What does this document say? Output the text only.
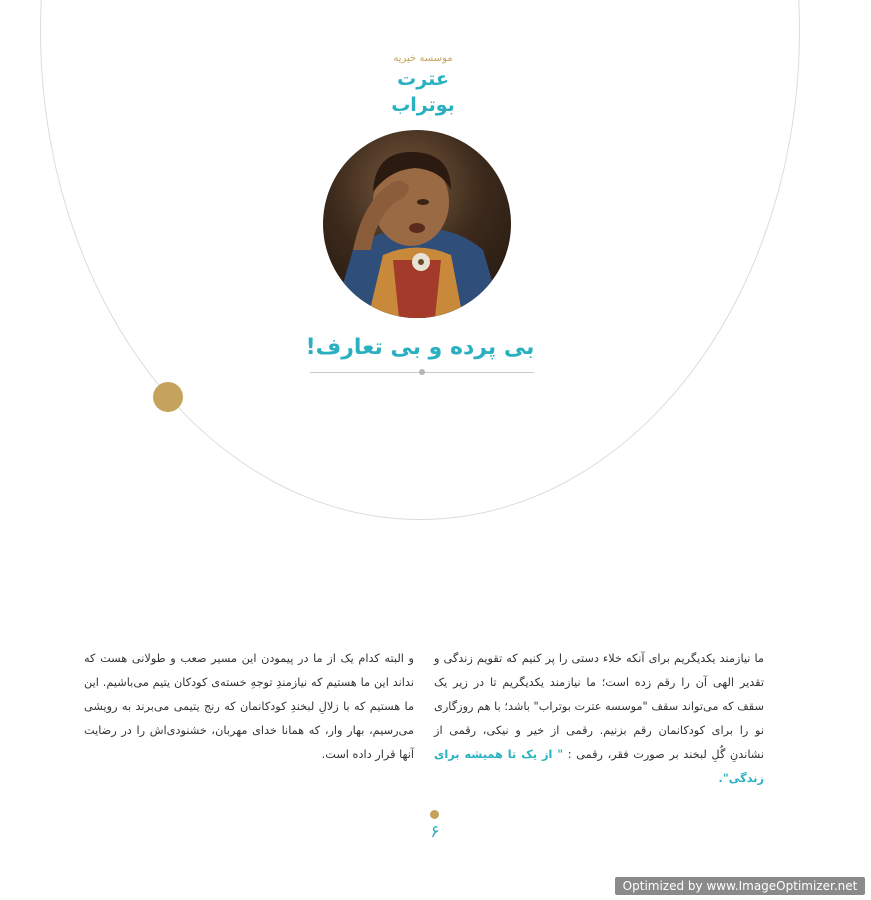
موسسه خیریه
عترت بوتراب
بی پرده و بی تعارف!
ما نیازمند یکدیگریم برای آنکه خلاء دستی را پر کنیم که تقویم زندگی و تقدیر الهی آن را رقم زده است؛ ما نیازمند یکدیگریم تا در زیر یک سقف که می‌تواند سقف "موسسه عترت بوتراب" باشد؛ با هم روزگاری نو را برای کودکانمان رقم بزنیم. رقمی از خیر و نیکی، رقمی از نشاندنِ گُلِ لبخند بر صورت فقر، رقمی : " از یک تا همیشه برای زندگی".
و البته کدام یک از ما در پیمودن این مسیر صعب و طولانی هست که نداند این ما هستیم که نیازمندِ توجهِ خسته‌ی کودکان یتیم می‌باشیم. این ما هستیم که با زلالِ لبخندِ کودکانمان که رنج یتیمی می‌برند به رویشی می‌رسیم، بهار وار، که همانا خدای مهربان، خشنودی‌اش را در رضایت آنها قرار داده است.
۶
Optimized by www.ImageOptimizer.net
